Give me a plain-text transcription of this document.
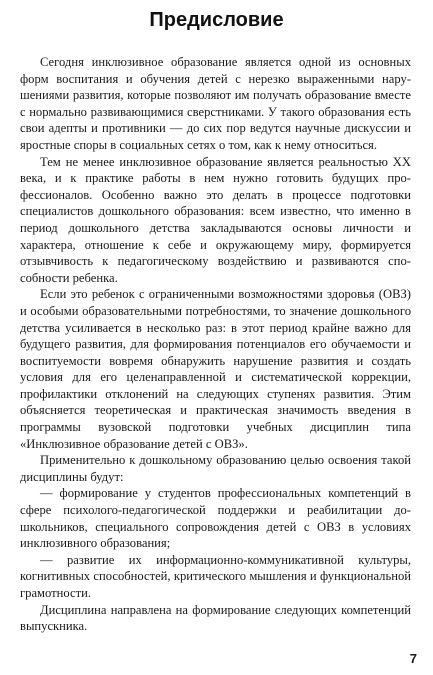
Предисловие

Сегодня инклюзивное образование является одной из основных форм воспитания и обучения детей с нерезко выраженными нарушениями развития, которые позволяют им получать образование вместе с нормально развивающимися сверстниками. У такого образования есть свои адепты и противники — до сих пор ведутся научные дискуссии и яростные споры в социальных сетях о том, как к нему относиться.

Тем не менее инклюзивное образование является реальностью XX века, и к практике работы в нем нужно готовить будущих профессионалов. Особенно важно это делать в процессе подготовки специалистов дошкольного образования: всем известно, что именно в период дошкольного детства закладываются основы личности и характера, отношение к себе и окружающему миру, формируется отзывчивость к педагогическому воздействию и развиваются способности ребенка.

Если это ребенок с ограниченными возможностями здоровья (ОВЗ) и особыми образовательными потребностями, то значение дошкольного детства усиливается в несколько раз: в этот период крайне важно для будущего развития, для формирования потенциалов его обучаемости и воспитуемости вовремя обнаружить нарушение развития и создать условия для его целенаправленной и систематической коррекции, профилактики отклонений на следующих ступенях развития. Этим объясняется теоретическая и практическая значимость введения в программы вузовской подготовки учебных дисциплин типа «Инклюзивное образование детей с ОВЗ».

Применительно к дошкольному образованию целью освоения такой дисциплины будут:

— формирование у студентов профессиональных компетенций в сфере психолого-педагогической поддержки и реабилитации дошкольников, специального сопровождения детей с ОВЗ в условиях инклюзивного образования;

— развитие их информационно-коммуникативной культуры, когнитивных способностей, критического мышления и функциональной грамотности.

Дисциплина направлена на формирование следующих компетенций выпускника.

7
